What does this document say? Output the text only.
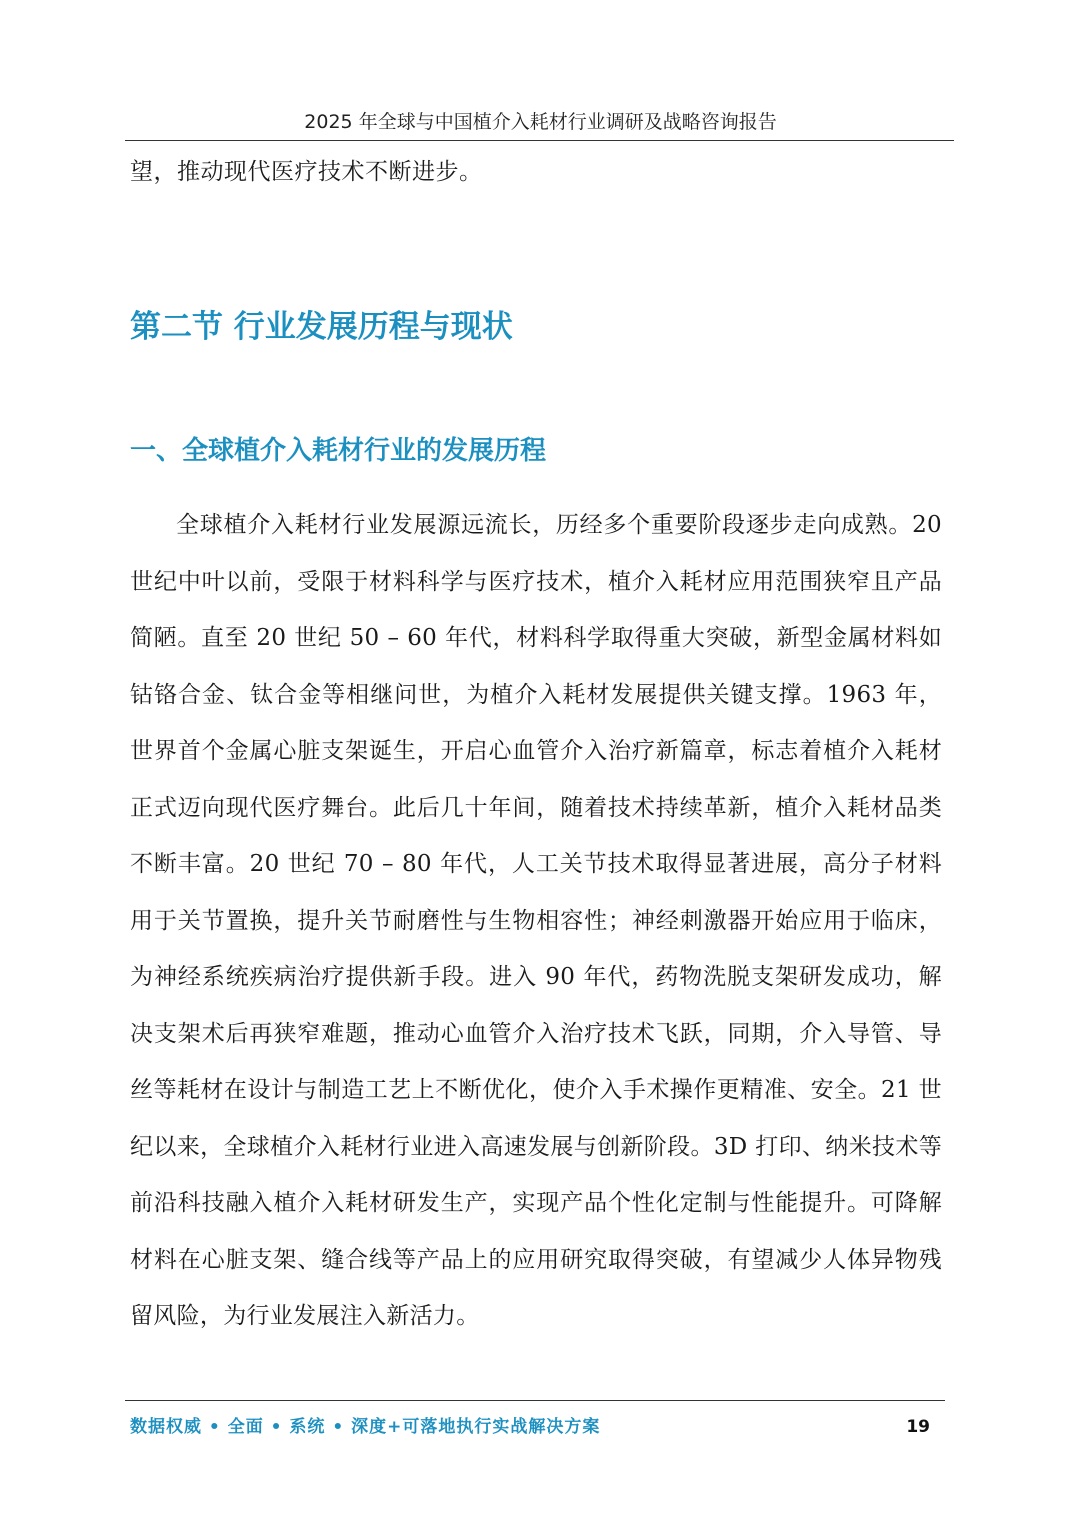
2025 年全球与中国植介入耗材行业调研及战略咨询报告
望，推动现代医疗技术不断进步。
第二节 行业发展历程与现状
一、全球植介入耗材行业的发展历程

全球植介入耗材行业发展源远流长，历经多个重要阶段逐步走向成熟。20 世纪中叶以前，受限于材料科学与医疗技术，植介入耗材应用范围狭窄且产品简陋。直至 20 世纪 50 – 60 年代，材料科学取得重大突破，新型金属材料如钴铬合金、钛合金等相继问世，为植介入耗材发展提供关键支撑。1963 年，世界首个金属心脏支架诞生，开启心血管介入治疗新篇章，标志着植介入耗材正式迈向现代医疗舞台。此后几十年间，随着技术持续革新，植介入耗材品类不断丰富。20 世纪 70 – 80 年代，人工关节技术取得显著进展，高分子材料用于关节置换，提升关节耐磨性与生物相容性；神经刺激器开始应用于临床，为神经系统疾病治疗提供新手段。进入 90 年代，药物洗脱支架研发成功，解决支架术后再狭窄难题，推动心血管介入治疗技术飞跃，同期，介入导管、导丝等耗材在设计与制造工艺上不断优化，使介入手术操作更精准、安全。21 世纪以来，全球植介入耗材行业进入高速发展与创新阶段。3D 打印、纳米技术等前沿科技融入植介入耗材研发生产，实现产品个性化定制与性能提升。可降解材料在心脏支架、缝合线等产品上的应用研究取得突破，有望减少人体异物残留风险，为行业发展注入新活力。

数据权威 • 全面 • 系统 • 深度+可落地执行实战解决方案	19
